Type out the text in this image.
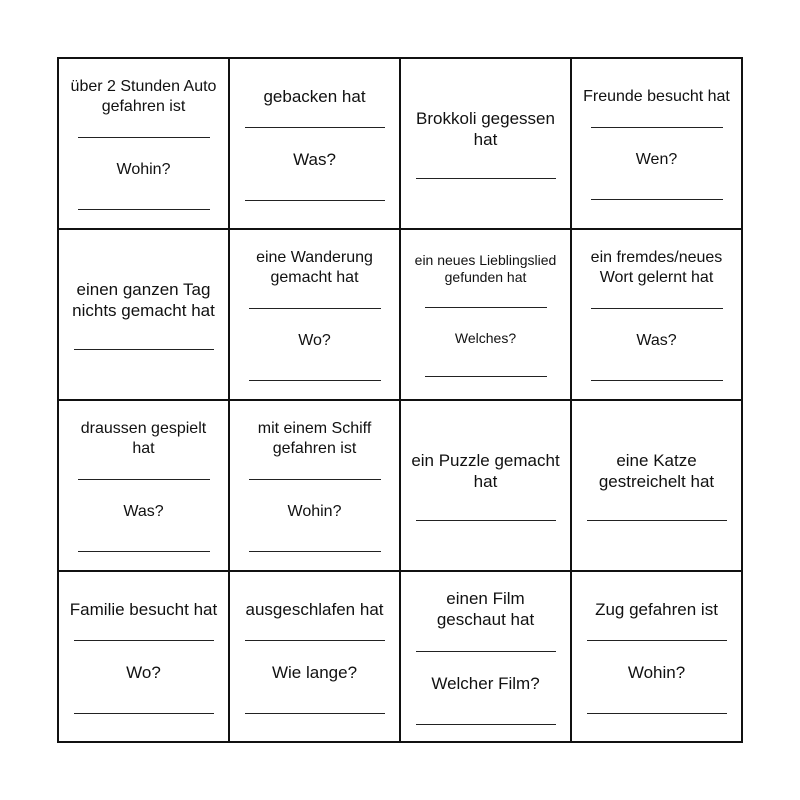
über 2 Stunden Auto gefahren ist
Wohin?
gebacken hat
Was?
Brokkoli gegessen hat
Freunde besucht hat
Wen?
einen ganzen Tag nichts gemacht hat
eine Wanderung gemacht hat
Wo?
ein neues Lieblingslied gefunden hat
Welches?
ein fremdes/neues Wort gelernt hat
Was?
draussen gespielt hat
Was?
mit einem Schiff gefahren ist
Wohin?
ein Puzzle gemacht hat
eine Katze gestreichelt hat
Familie besucht hat
Wo?
ausgeschlafen hat
Wie lange?
einen Film geschaut hat
Welcher Film?
Zug gefahren ist
Wohin?
